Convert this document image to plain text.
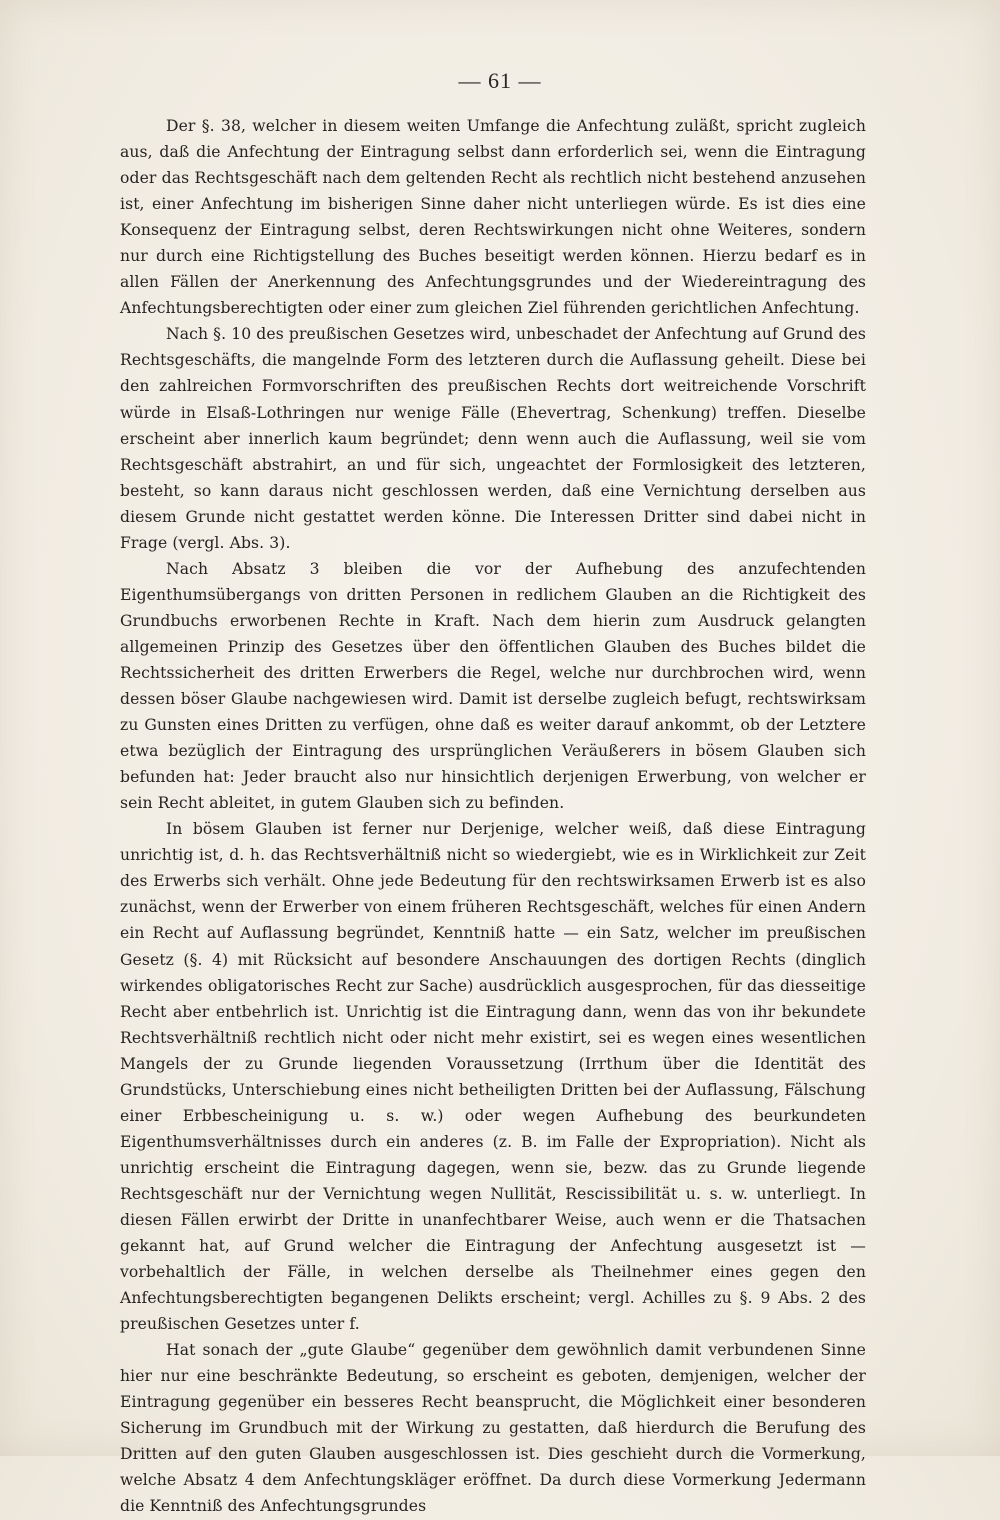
— 61 —

Der §. 38, welcher in diesem weiten Umfange die Anfechtung zuläßt, spricht zugleich aus, daß die Anfechtung der Eintragung selbst dann erforderlich sei, wenn die Eintragung oder das Rechtsgeschäft nach dem geltenden Recht als rechtlich nicht bestehend anzusehen ist, einer Anfechtung im bisherigen Sinne daher nicht unterliegen würde. Es ist dies eine Konsequenz der Eintragung selbst, deren Rechtswirkungen nicht ohne Weiteres, sondern nur durch eine Richtigstellung des Buches beseitigt werden können. Hierzu bedarf es in allen Fällen der Anerkennung des Anfechtungsgrundes und der Wiedereintragung des Anfechtungsberechtigten oder einer zum gleichen Ziel führenden gerichtlichen Anfechtung.

Nach §. 10 des preußischen Gesetzes wird, unbeschadet der Anfechtung auf Grund des Rechtsgeschäfts, die mangelnde Form des letzteren durch die Auflassung geheilt. Diese bei den zahlreichen Formvorschriften des preußischen Rechts dort weitreichende Vorschrift würde in Elsaß-Lothringen nur wenige Fälle (Ehevertrag, Schenkung) treffen. Dieselbe erscheint aber innerlich kaum begründet; denn wenn auch die Auflassung, weil sie vom Rechtsgeschäft abstrahirt, an und für sich, ungeachtet der Formlosigkeit des letzteren, besteht, so kann daraus nicht geschlossen werden, daß eine Vernichtung derselben aus diesem Grunde nicht gestattet werden könne. Die Interessen Dritter sind dabei nicht in Frage (vergl. Abs. 3).

Nach Absatz 3 bleiben die vor der Aufhebung des anzufechtenden Eigenthumsübergangs von dritten Personen in redlichem Glauben an die Richtigkeit des Grundbuchs erworbenen Rechte in Kraft. Nach dem hierin zum Ausdruck gelangten allgemeinen Prinzip des Gesetzes über den öffentlichen Glauben des Buches bildet die Rechtssicherheit des dritten Erwerbers die Regel, welche nur durchbrochen wird, wenn dessen böser Glaube nachgewiesen wird. Damit ist derselbe zugleich befugt, rechtswirksam zu Gunsten eines Dritten zu verfügen, ohne daß es weiter darauf ankommt, ob der Letztere etwa bezüglich der Eintragung des ursprünglichen Veräußerers in bösem Glauben sich befunden hat: Jeder braucht also nur hinsichtlich derjenigen Erwerbung, von welcher er sein Recht ableitet, in gutem Glauben sich zu befinden.

In bösem Glauben ist ferner nur Derjenige, welcher weiß, daß diese Eintragung unrichtig ist, d. h. das Rechtsverhältniß nicht so wiedergiebt, wie es in Wirklichkeit zur Zeit des Erwerbs sich verhält. Ohne jede Bedeutung für den rechtswirksamen Erwerb ist es also zunächst, wenn der Erwerber von einem früheren Rechtsgeschäft, welches für einen Andern ein Recht auf Auflassung begründet, Kenntniß hatte — ein Satz, welcher im preußischen Gesetz (§. 4) mit Rücksicht auf besondere Anschauungen des dortigen Rechts (dinglich wirkendes obligatorisches Recht zur Sache) ausdrücklich ausgesprochen, für das diesseitige Recht aber entbehrlich ist. Unrichtig ist die Eintragung dann, wenn das von ihr bekundete Rechtsverhältniß rechtlich nicht oder nicht mehr existirt, sei es wegen eines wesentlichen Mangels der zu Grunde liegenden Voraussetzung (Irrthum über die Identität des Grundstücks, Unterschiebung eines nicht betheiligten Dritten bei der Auflassung, Fälschung einer Erbbescheinigung u. s. w.) oder wegen Aufhebung des beurkundeten Eigenthumsverhältnisses durch ein anderes (z. B. im Falle der Expropriation). Nicht als unrichtig erscheint die Eintragung dagegen, wenn sie, bezw. das zu Grunde liegende Rechtsgeschäft nur der Vernichtung wegen Nullität, Rescissibilität u. s. w. unterliegt. In diesen Fällen erwirbt der Dritte in unanfechtbarer Weise, auch wenn er die Thatsachen gekannt hat, auf Grund welcher die Eintragung der Anfechtung ausgesetzt ist — vorbehaltlich der Fälle, in welchen derselbe als Theilnehmer eines gegen den Anfechtungsberechtigten begangenen Delikts erscheint; vergl. Achilles zu §. 9 Abs. 2 des preußischen Gesetzes unter f.

Hat sonach der „gute Glaube“ gegenüber dem gewöhnlich damit verbundenen Sinne hier nur eine beschränkte Bedeutung, so erscheint es geboten, demjenigen, welcher der Eintragung gegenüber ein besseres Recht beansprucht, die Möglichkeit einer besonderen Sicherung im Grundbuch mit der Wirkung zu gestatten, daß hierdurch die Berufung des Dritten auf den guten Glauben ausgeschlossen ist. Dies geschieht durch die Vormerkung, welche Absatz 4 dem Anfechtungskläger eröffnet. Da durch diese Vormerkung Jedermann die Kenntniß des Anfechtungsgrundes
